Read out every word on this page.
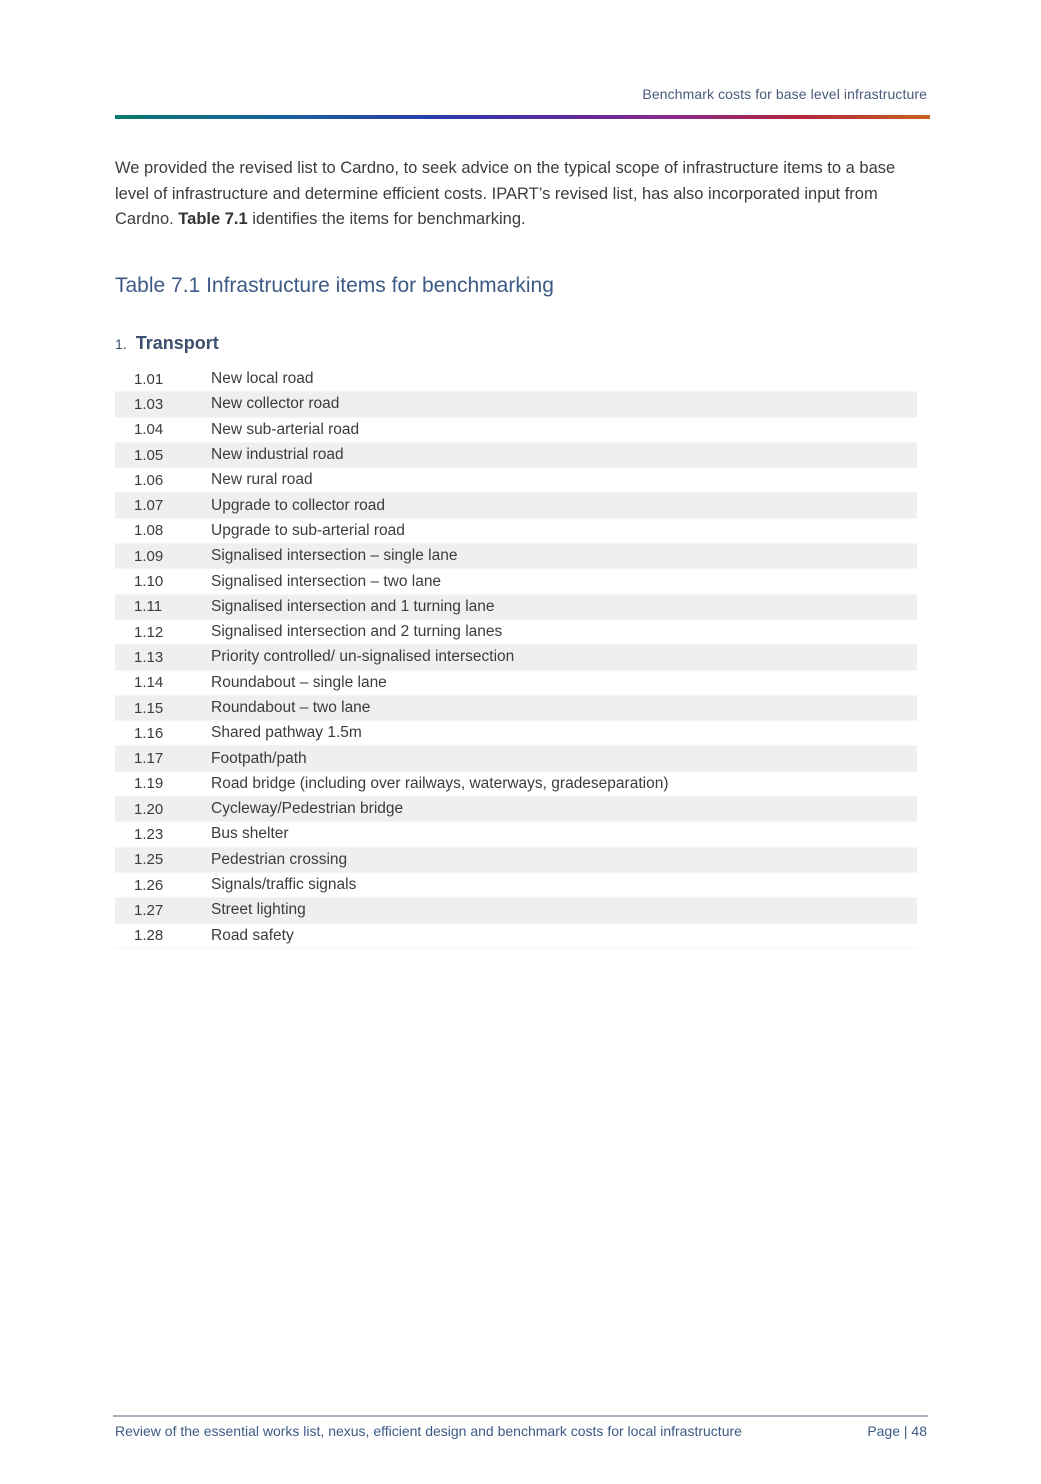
Benchmark costs for base level infrastructure

We provided the revised list to Cardno, to seek advice on the typical scope of infrastructure items to a base level of infrastructure and determine efficient costs. IPART’s revised list, has also incorporated input from Cardno. Table 7.1 identifies the items for benchmarking.

Table 7.1 Infrastructure items for benchmarking
1. Transport
1.01	New local road
1.03	New collector road
1.04	New sub-arterial road
1.05	New industrial road
1.06	New rural road
1.07	Upgrade to collector road
1.08	Upgrade to sub-arterial road
1.09	Signalised intersection – single lane
1.10	Signalised intersection – two lane
1.11	Signalised intersection and 1 turning lane
1.12	Signalised intersection and 2 turning lanes
1.13	Priority controlled/ un-signalised intersection
1.14	Roundabout – single lane
1.15	Roundabout – two lane
1.16	Shared pathway 1.5m
1.17	Footpath/path
1.19	Road bridge (including over railways, waterways, gradeseparation)
1.20	Cycleway/Pedestrian bridge
1.23	Bus shelter
1.25	Pedestrian crossing
1.26	Signals/traffic signals
1.27	Street lighting
1.28	Road safety
Review of the essential works list, nexus, efficient design and benchmark costs for local infrastructure	Page | 48
